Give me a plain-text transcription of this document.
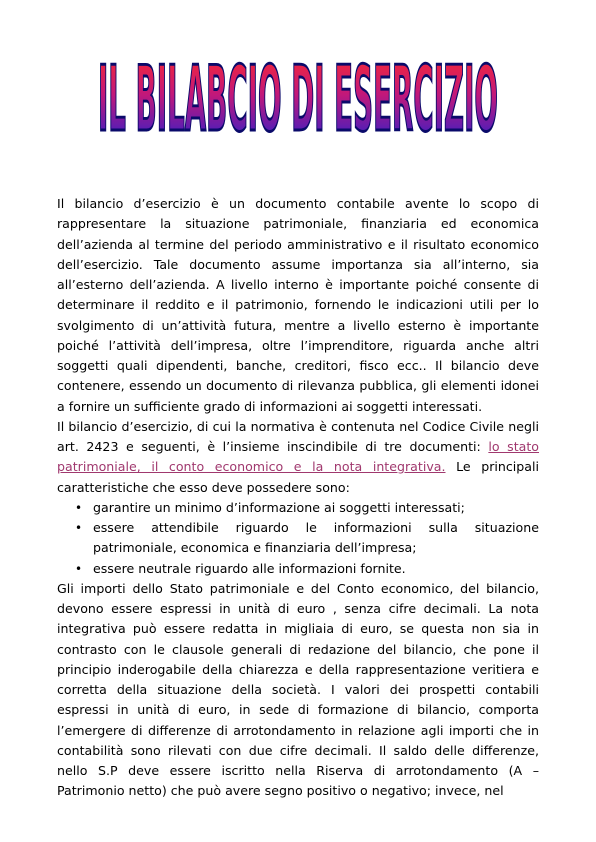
IL BILABCIO DI ESERCIZIO

Il bilancio d’esercizio è un documento contabile avente lo scopo di rappresentare la situazione patrimoniale, finanziaria ed economica dell’azienda al termine del periodo amministrativo e il risultato economico dell’esercizio. Tale documento assume importanza sia all’interno, sia all’esterno dell’azienda. A livello interno è importante poiché consente di determinare il reddito e il patrimonio, fornendo le indicazioni utili per lo svolgimento di un’attività futura, mentre a livello esterno è importante poiché l’attività dell’impresa, oltre l’imprenditore, riguarda anche altri soggetti quali dipendenti, banche, creditori, fisco ecc.. Il bilancio deve contenere, essendo un documento di rilevanza pubblica, gli elementi idonei a fornire un sufficiente grado di informazioni ai soggetti interessati.

Il bilancio d’esercizio, di cui la normativa è contenuta nel Codice Civile negli art. 2423 e seguenti, è l’insieme inscindibile di tre documenti: lo stato patrimoniale, il conto economico e la nota integrativa. Le principali caratteristiche che esso deve possedere sono:

• garantire un minimo d’informazione ai soggetti interessati;
• essere attendibile riguardo le informazioni sulla situazione patrimoniale, economica e finanziaria dell’impresa;
• essere neutrale riguardo alle informazioni fornite.

Gli importi dello Stato patrimoniale e del Conto economico, del bilancio, devono essere espressi in unità di euro , senza cifre decimali. La nota integrativa può essere redatta in migliaia di euro, se questa non sia in contrasto con le clausole generali di redazione del bilancio, che pone il principio inderogabile della chiarezza e della rappresentazione veritiera e corretta della situazione della società. I valori dei prospetti contabili espressi in unità di euro, in sede di formazione di bilancio, comporta l’emergere di differenze di arrotondamento in relazione agli importi che in contabilità sono rilevati con due cifre decimali. Il saldo delle differenze, nello S.P deve essere iscritto nella Riserva di arrotondamento (A – Patrimonio netto) che può avere segno positivo o negativo; invece, nel
